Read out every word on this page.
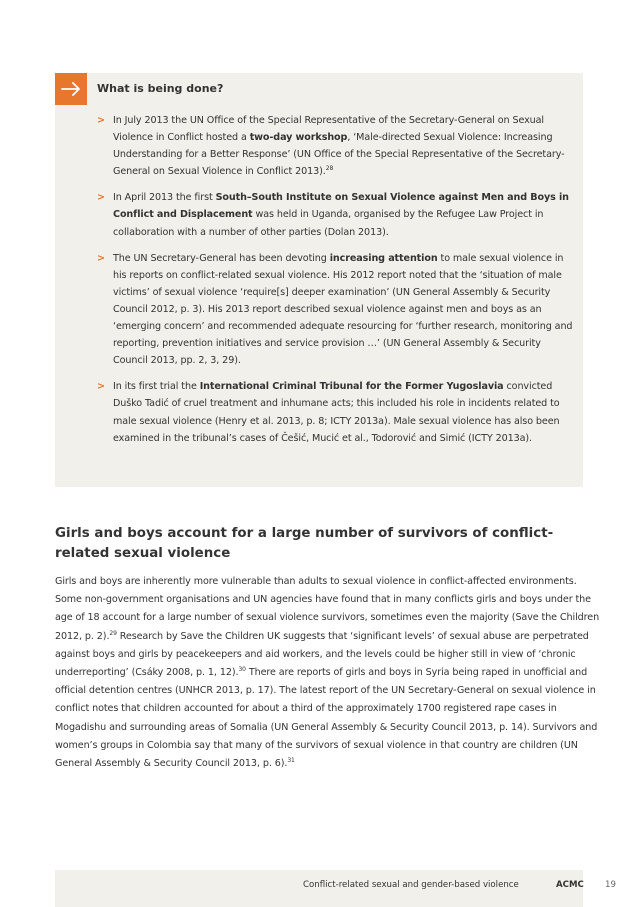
What is being done?
> In July 2013 the UN Office of the Special Representative of the Secretary-General on Sexual Violence in Conflict hosted a two-day workshop, ‘Male-directed Sexual Violence: Increasing Understanding for a Better Response’ (UN Office of the Special Representative of the Secretary-General on Sexual Violence in Conflict 2013).$^{28}$
> In April 2013 the first South–South Institute on Sexual Violence against Men and Boys in Conflict and Displacement was held in Uganda, organised by the Refugee Law Project in collaboration with a number of other parties (Dolan 2013).
> The UN Secretary-General has been devoting increasing attention to male sexual violence in his reports on conflict-related sexual violence. His 2012 report noted that the ‘situation of male victims’ of sexual violence ‘require[s] deeper examination’ (UN General Assembly & Security Council 2012, p. 3). His 2013 report described sexual violence against men and boys as an ‘emerging concern’ and recommended adequate resourcing for ‘further research, monitoring and reporting, prevention initiatives and service provision …’ (UN General Assembly & Security Council 2013, pp. 2, 3, 29).
> In its first trial the International Criminal Tribunal for the Former Yugoslavia convicted Duško Tadić of cruel treatment and inhumane acts; this included his role in incidents related to male sexual violence (Henry et al. 2013, p. 8; ICTY 2013a). Male sexual violence has also been examined in the tribunal’s cases of Češić, Mucić et al., Todorović and Simić (ICTY 2013a).
Girls and boys account for a large number of survivors of conflict-related sexual violence

Girls and boys are inherently more vulnerable than adults to sexual violence in conflict-affected environments. Some non-government organisations and UN agencies have found that in many conflicts girls and boys under the age of 18 account for a large number of sexual violence survivors, sometimes even the majority (Save the Children 2012, p. 2).$^{29}$ Research by Save the Children UK suggests that ‘significant levels’ of sexual abuse are perpetrated against boys and girls by peacekeepers and aid workers, and the levels could be higher still in view of ‘chronic underreporting’ (Csáky 2008, p. 1, 12).$^{30}$ There are reports of girls and boys in Syria being raped in unofficial and official detention centres (UNHCR 2013, p. 17). The latest report of the UN Secretary-General on sexual violence in conflict notes that children accounted for about a third of the approximately 1700 registered rape cases in Mogadishu and surrounding areas of Somalia (UN General Assembly & Security Council 2013, p. 14). Survivors and women’s groups in Colombia say that many of the survivors of sexual violence in that country are children (UN General Assembly & Security Council 2013, p. 6).$^{31}$

Conflict-related sexual and gender-based violence	ACMC 19
